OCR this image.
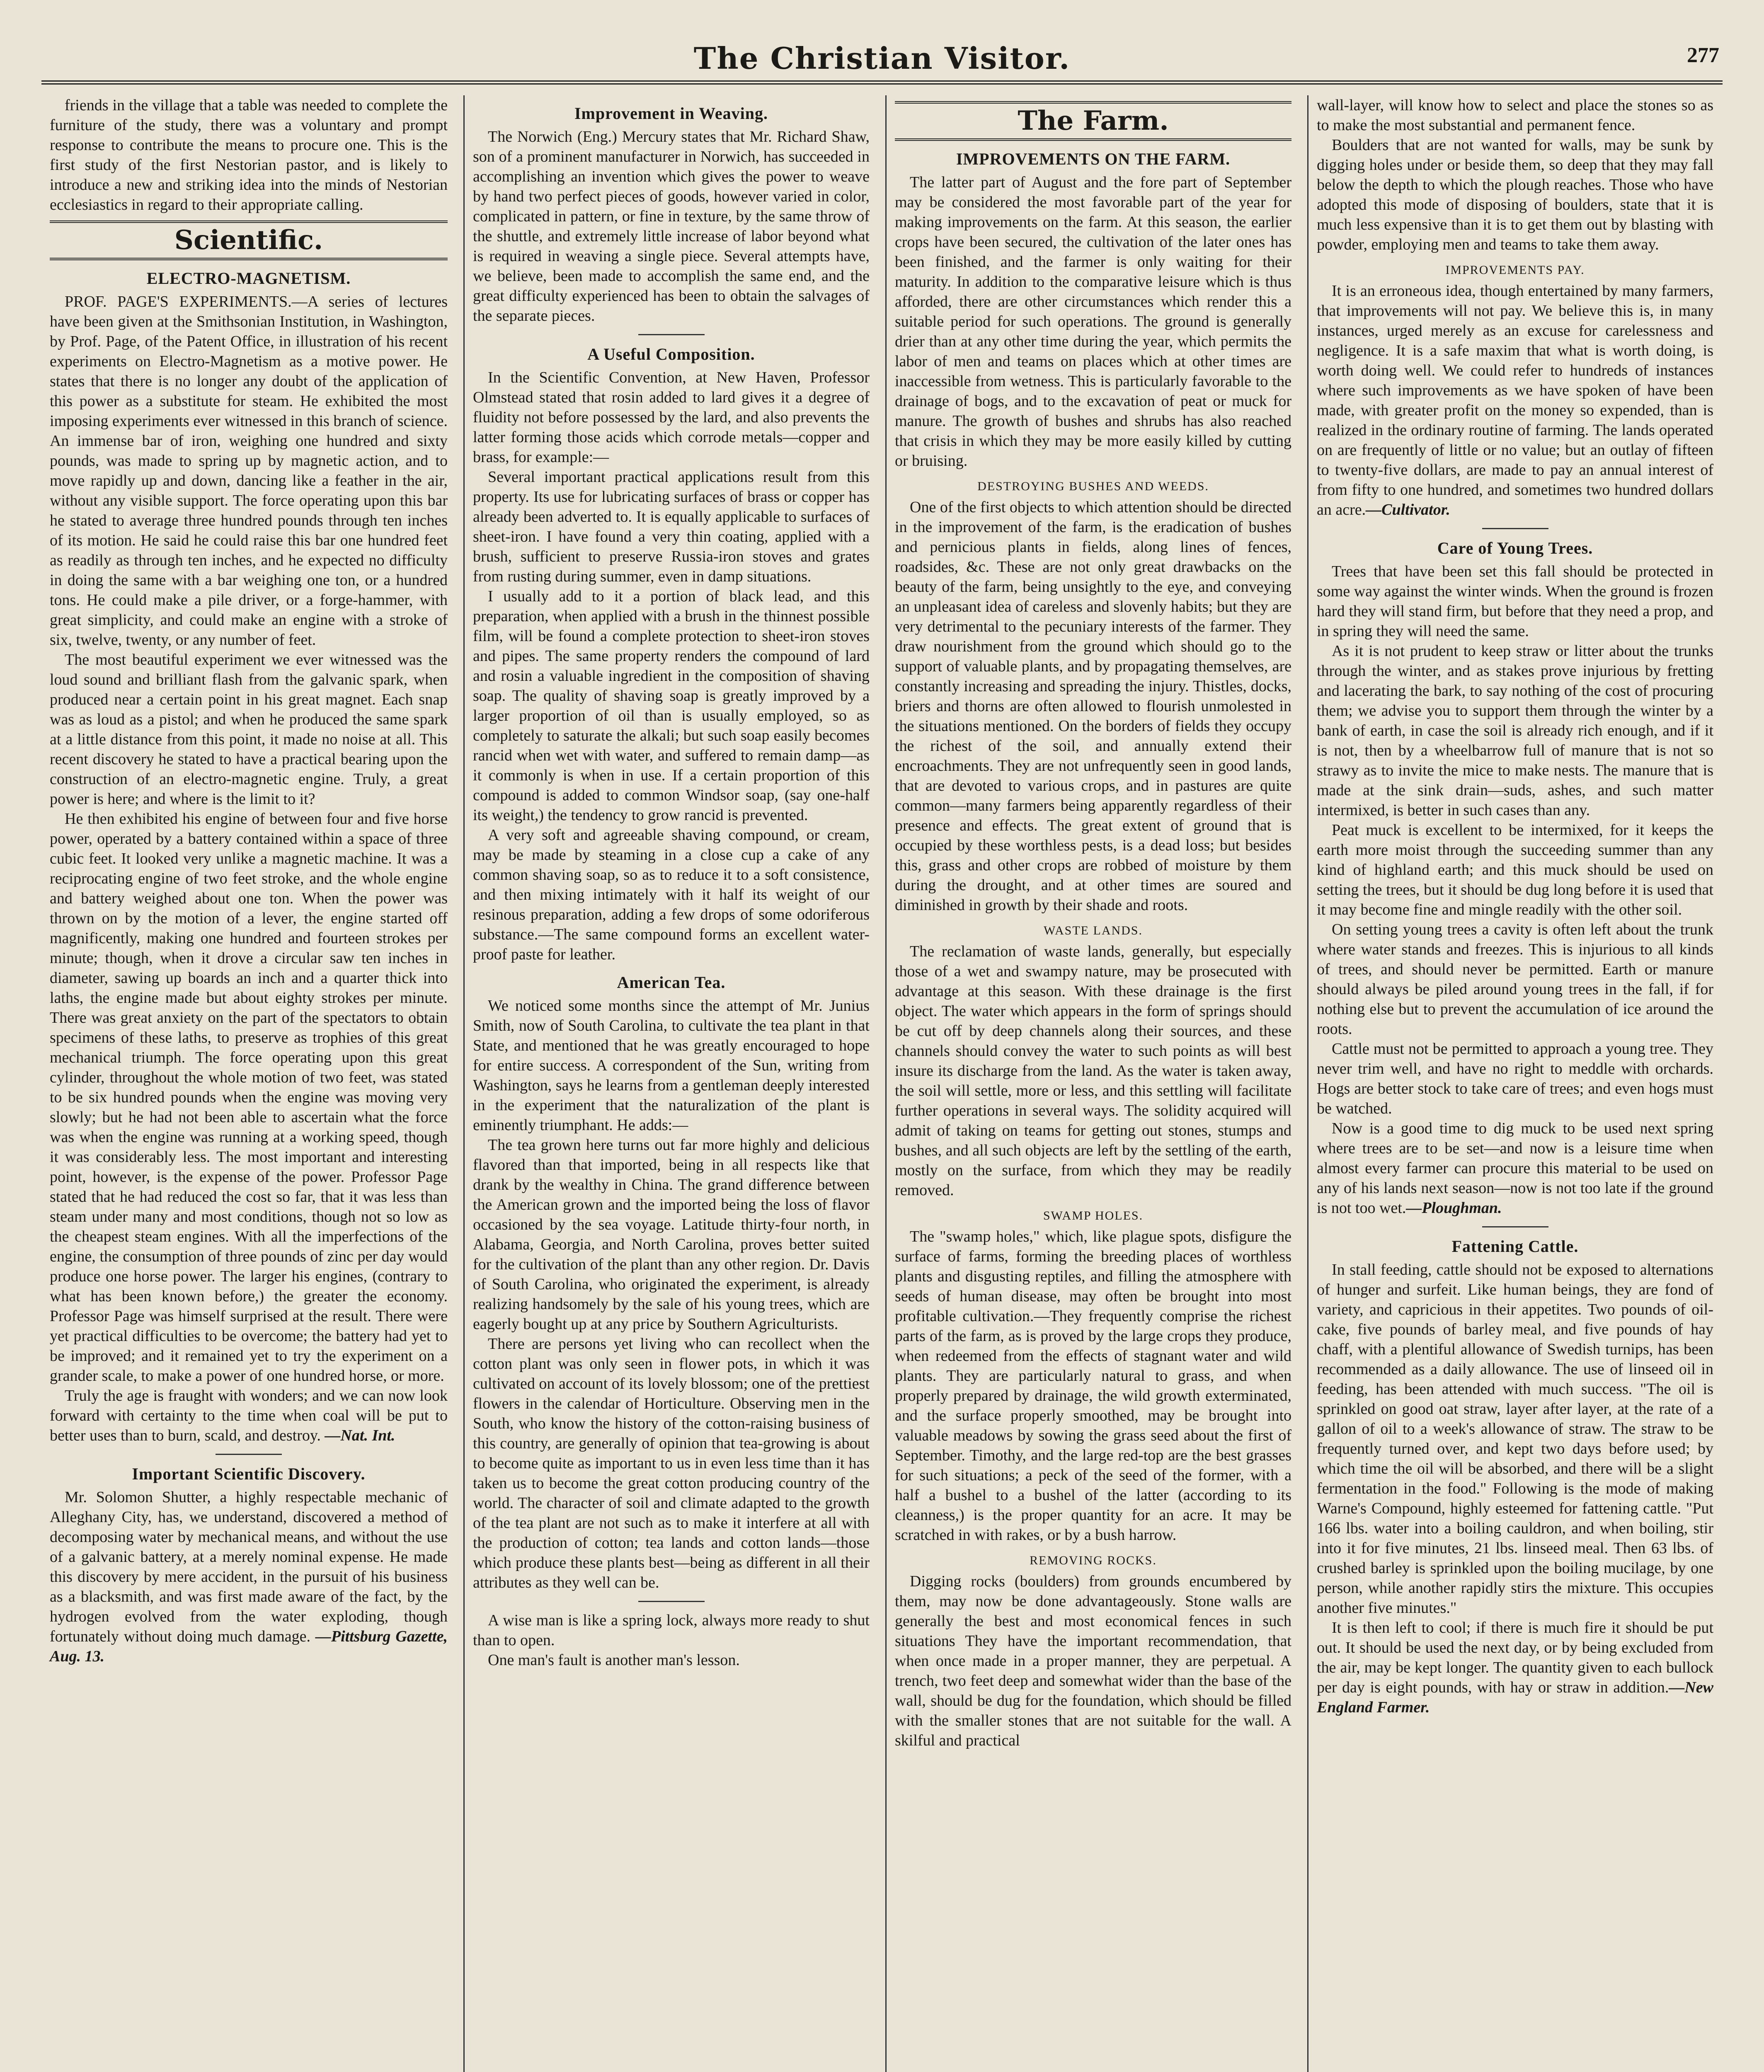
The Christian Visitor.	277

friends in the village that a table was needed to complete the furniture of the study, there was a voluntary and prompt response to contribute the means to procure one. This is the first study of the first Nestorian pastor, and is likely to introduce a new and striking idea into the minds of Nestorian ecclesiastics in regard to their appropriate calling.

Scientific.
ELECTRO-MAGNETISM.

PROF. PAGE'S EXPERIMENTS.—A series of lectures have been given at the Smithsonian Institution, in Washington, by Prof. Page, of the Patent Office, in illustration of his recent experiments on Electro-Magnetism as a motive power. He states that there is no longer any doubt of the application of this power as a substitute for steam. He exhibited the most imposing experiments ever witnessed in this branch of science. An immense bar of iron, weighing one hundred and sixty pounds, was made to spring up by magnetic action, and to move rapidly up and down, dancing like a feather in the air, without any visible support. The force operating upon this bar he stated to average three hundred pounds through ten inches of its motion. He said he could raise this bar one hundred feet as readily as through ten inches, and he expected no difficulty in doing the same with a bar weighing one ton, or a hundred tons. He could make a pile driver, or a forge-hammer, with great simplicity, and could make an engine with a stroke of six, twelve, twenty, or any number of feet.

The most beautiful experiment we ever witnessed was the loud sound and brilliant flash from the galvanic spark, when produced near a certain point in his great magnet. Each snap was as loud as a pistol; and when he produced the same spark at a little distance from this point, it made no noise at all. This recent discovery he stated to have a practical bearing upon the construction of an electro-magnetic engine. Truly, a great power is here; and where is the limit to it?

He then exhibited his engine of between four and five horse power, operated by a battery contained within a space of three cubic feet. It looked very unlike a magnetic machine. It was a reciprocating engine of two feet stroke, and the whole engine and battery weighed about one ton. When the power was thrown on by the motion of a lever, the engine started off magnificently, making one hundred and fourteen strokes per minute; though, when it drove a circular saw ten inches in diameter, sawing up boards an inch and a quarter thick into laths, the engine made but about eighty strokes per minute. There was great anxiety on the part of the spectators to obtain specimens of these laths, to preserve as trophies of this great mechanical triumph. The force operating upon this great cylinder, throughout the whole motion of two feet, was stated to be six hundred pounds when the engine was moving very slowly; but he had not been able to ascertain what the force was when the engine was running at a working speed, though it was considerably less. The most important and interesting point, however, is the expense of the power. Professor Page stated that he had reduced the cost so far, that it was less than steam under many and most conditions, though not so low as the cheapest steam engines. With all the imperfections of the engine, the consumption of three pounds of zinc per day would produce one horse power. The larger his engines, (contrary to what has been known before,) the greater the economy. Professor Page was himself surprised at the result. There were yet practical difficulties to be overcome; the battery had yet to be improved; and it remained yet to try the experiment on a grander scale, to make a power of one hundred horse, or more.

Truly the age is fraught with wonders; and we can now look forward with certainty to the time when coal will be put to better uses than to burn, scald, and destroy. —Nat. Int.

Important Scientific Discovery.

Mr. Solomon Shutter, a highly respectable mechanic of Alleghany City, has, we understand, discovered a method of decomposing water by mechanical means, and without the use of a galvanic battery, at a merely nominal expense. He made this discovery by mere accident, in the pursuit of his business as a blacksmith, and was first made aware of the fact, by the hydrogen evolved from the water exploding, though fortunately without doing much damage. —Pittsburg Gazette, Aug. 13.

Improvement in Weaving.

The Norwich (Eng.) Mercury states that Mr. Richard Shaw, son of a prominent manufacturer in Norwich, has succeeded in accomplishing an invention which gives the power to weave by hand two perfect pieces of goods, however varied in color, complicated in pattern, or fine in texture, by the same throw of the shuttle, and extremely little increase of labor beyond what is required in weaving a single piece. Several attempts have, we believe, been made to accomplish the same end, and the great difficulty experienced has been to obtain the salvages of the separate pieces.

A Useful Composition.

In the Scientific Convention, at New Haven, Professor Olmstead stated that rosin added to lard gives it a degree of fluidity not before possessed by the lard, and also prevents the latter forming those acids which corrode metals—copper and brass, for example:—

Several important practical applications result from this property. Its use for lubricating surfaces of brass or copper has already been adverted to. It is equally applicable to surfaces of sheet-iron. I have found a very thin coating, applied with a brush, sufficient to preserve Russia-iron stoves and grates from rusting during summer, even in damp situations.

I usually add to it a portion of black lead, and this preparation, when applied with a brush in the thinnest possible film, will be found a complete protection to sheet-iron stoves and pipes. The same property renders the compound of lard and rosin a valuable ingredient in the composition of shaving soap. The quality of shaving soap is greatly improved by a larger proportion of oil than is usually employed, so as completely to saturate the alkali; but such soap easily becomes rancid when wet with water, and suffered to remain damp—as it commonly is when in use. If a certain proportion of this compound is added to common Windsor soap, (say one-half its weight,) the tendency to grow rancid is prevented.

A very soft and agreeable shaving compound, or cream, may be made by steaming in a close cup a cake of any common shaving soap, so as to reduce it to a soft consistence, and then mixing intimately with it half its weight of our resinous preparation, adding a few drops of some odoriferous substance.—The same compound forms an excellent water-proof paste for leather.

American Tea.

We noticed some months since the attempt of Mr. Junius Smith, now of South Carolina, to cultivate the tea plant in that State, and mentioned that he was greatly encouraged to hope for entire success. A correspondent of the Sun, writing from Washington, says he learns from a gentleman deeply interested in the experiment that the naturalization of the plant is eminently triumphant. He adds:—

The tea grown here turns out far more highly and delicious flavored than that imported, being in all respects like that drank by the wealthy in China. The grand difference between the American grown and the imported being the loss of flavor occasioned by the sea voyage. Latitude thirty-four north, in Alabama, Georgia, and North Carolina, proves better suited for the cultivation of the plant than any other region. Dr. Davis of South Carolina, who originated the experiment, is already realizing handsomely by the sale of his young trees, which are eagerly bought up at any price by Southern Agriculturists.

There are persons yet living who can recollect when the cotton plant was only seen in flower pots, in which it was cultivated on account of its lovely blossom; one of the prettiest flowers in the calendar of Horticulture. Observing men in the South, who know the history of the cotton-raising business of this country, are generally of opinion that tea-growing is about to become quite as important to us in even less time than it has taken us to become the great cotton producing country of the world. The character of soil and climate adapted to the growth of the tea plant are not such as to make it interfere at all with the production of cotton; tea lands and cotton lands—those which produce these plants best—being as different in all their attributes as they well can be.

A wise man is like a spring lock, always more ready to shut than to open.

One man's fault is another man's lesson.

The Farm.
IMPROVEMENTS ON THE FARM.

The latter part of August and the fore part of September may be considered the most favorable part of the year for making improvements on the farm. At this season, the earlier crops have been secured, the cultivation of the later ones has been finished, and the farmer is only waiting for their maturity. In addition to the comparative leisure which is thus afforded, there are other circumstances which render this a suitable period for such operations. The ground is generally drier than at any other time during the year, which permits the labor of men and teams on places which at other times are inaccessible from wetness. This is particularly favorable to the drainage of bogs, and to the excavation of peat or muck for manure. The growth of bushes and shrubs has also reached that crisis in which they may be more easily killed by cutting or bruising.

DESTROYING BUSHES AND WEEDS.

One of the first objects to which attention should be directed in the improvement of the farm, is the eradication of bushes and pernicious plants in fields, along lines of fences, roadsides, &c. These are not only great drawbacks on the beauty of the farm, being unsightly to the eye, and conveying an unpleasant idea of careless and slovenly habits; but they are very detrimental to the pecuniary interests of the farmer. They draw nourishment from the ground which should go to the support of valuable plants, and by propagating themselves, are constantly increasing and spreading the injury. Thistles, docks, briers and thorns are often allowed to flourish unmolested in the situations mentioned. On the borders of fields they occupy the richest of the soil, and annually extend their encroachments. They are not unfrequently seen in good lands, that are devoted to various crops, and in pastures are quite common—many farmers being apparently regardless of their presence and effects. The great extent of ground that is occupied by these worthless pests, is a dead loss; but besides this, grass and other crops are robbed of moisture by them during the drought, and at other times are soured and diminished in growth by their shade and roots.

WASTE LANDS.

The reclamation of waste lands, generally, but especially those of a wet and swampy nature, may be prosecuted with advantage at this season. With these drainage is the first object. The water which appears in the form of springs should be cut off by deep channels along their sources, and these channels should convey the water to such points as will best insure its discharge from the land. As the water is taken away, the soil will settle, more or less, and this settling will facilitate further operations in several ways. The solidity acquired will admit of taking on teams for getting out stones, stumps and bushes, and all such objects are left by the settling of the earth, mostly on the surface, from which they may be readily removed.

SWAMP HOLES.

The "swamp holes," which, like plague spots, disfigure the surface of farms, forming the breeding places of worthless plants and disgusting reptiles, and filling the atmosphere with seeds of human disease, may often be brought into most profitable cultivation.—They frequently comprise the richest parts of the farm, as is proved by the large crops they produce, when redeemed from the effects of stagnant water and wild plants. They are particularly natural to grass, and when properly prepared by drainage, the wild growth exterminated, and the surface properly smoothed, may be brought into valuable meadows by sowing the grass seed about the first of September. Timothy, and the large red-top are the best grasses for such situations; a peck of the seed of the former, with a half a bushel to a bushel of the latter (according to its cleanness,) is the proper quantity for an acre. It may be scratched in with rakes, or by a bush harrow.

REMOVING ROCKS.

Digging rocks (boulders) from grounds encumbered by them, may now be done advantageously. Stone walls are generally the best and most economical fences in such situations They have the important recommendation, that when once made in a proper manner, they are perpetual. A trench, two feet deep and somewhat wider than the base of the wall, should be dug for the foundation, which should be filled with the smaller stones that are not suitable for the wall. A skilful and practical

wall-layer, will know how to select and place the stones so as to make the most substantial and permanent fence.

Boulders that are not wanted for walls, may be sunk by digging holes under or beside them, so deep that they may fall below the depth to which the plough reaches. Those who have adopted this mode of disposing of boulders, state that it is much less expensive than it is to get them out by blasting with powder, employing men and teams to take them away.

IMPROVEMENTS PAY.

It is an erroneous idea, though entertained by many farmers, that improvements will not pay. We believe this is, in many instances, urged merely as an excuse for carelessness and negligence. It is a safe maxim that what is worth doing, is worth doing well. We could refer to hundreds of instances where such improvements as we have spoken of have been made, with greater profit on the money so expended, than is realized in the ordinary routine of farming. The lands operated on are frequently of little or no value; but an outlay of fifteen to twenty-five dollars, are made to pay an annual interest of from fifty to one hundred, and sometimes two hundred dollars an acre.—Cultivator.

Care of Young Trees.

Trees that have been set this fall should be protected in some way against the winter winds. When the ground is frozen hard they will stand firm, but before that they need a prop, and in spring they will need the same.

As it is not prudent to keep straw or litter about the trunks through the winter, and as stakes prove injurious by fretting and lacerating the bark, to say nothing of the cost of procuring them; we advise you to support them through the winter by a bank of earth, in case the soil is already rich enough, and if it is not, then by a wheelbarrow full of manure that is not so strawy as to invite the mice to make nests. The manure that is made at the sink drain—suds, ashes, and such matter intermixed, is better in such cases than any.

Peat muck is excellent to be intermixed, for it keeps the earth more moist through the succeeding summer than any kind of highland earth; and this muck should be used on setting the trees, but it should be dug long before it is used that it may become fine and mingle readily with the other soil.

On setting young trees a cavity is often left about the trunk where water stands and freezes. This is injurious to all kinds of trees, and should never be permitted. Earth or manure should always be piled around young trees in the fall, if for nothing else but to prevent the accumulation of ice around the roots.

Cattle must not be permitted to approach a young tree. They never trim well, and have no right to meddle with orchards. Hogs are better stock to take care of trees; and even hogs must be watched.

Now is a good time to dig muck to be used next spring where trees are to be set—and now is a leisure time when almost every farmer can procure this material to be used on any of his lands next season—now is not too late if the ground is not too wet.—Ploughman.

Fattening Cattle.

In stall feeding, cattle should not be exposed to alternations of hunger and surfeit. Like human beings, they are fond of variety, and capricious in their appetites. Two pounds of oil-cake, five pounds of barley meal, and five pounds of hay chaff, with a plentiful allowance of Swedish turnips, has been recommended as a daily allowance. The use of linseed oil in feeding, has been attended with much success. "The oil is sprinkled on good oat straw, layer after layer, at the rate of a gallon of oil to a week's allowance of straw. The straw to be frequently turned over, and kept two days before used; by which time the oil will be absorbed, and there will be a slight fermentation in the food." Following is the mode of making Warne's Compound, highly esteemed for fattening cattle. "Put 166 lbs. water into a boiling cauldron, and when boiling, stir into it for five minutes, 21 lbs. linseed meal. Then 63 lbs. of crushed barley is sprinkled upon the boiling mucilage, by one person, while another rapidly stirs the mixture. This occupies another five minutes."

It is then left to cool; if there is much fire it should be put out. It should be used the next day, or by being excluded from the air, may be kept longer. The quantity given to each bullock per day is eight pounds, with hay or straw in addition.—New England Farmer.
